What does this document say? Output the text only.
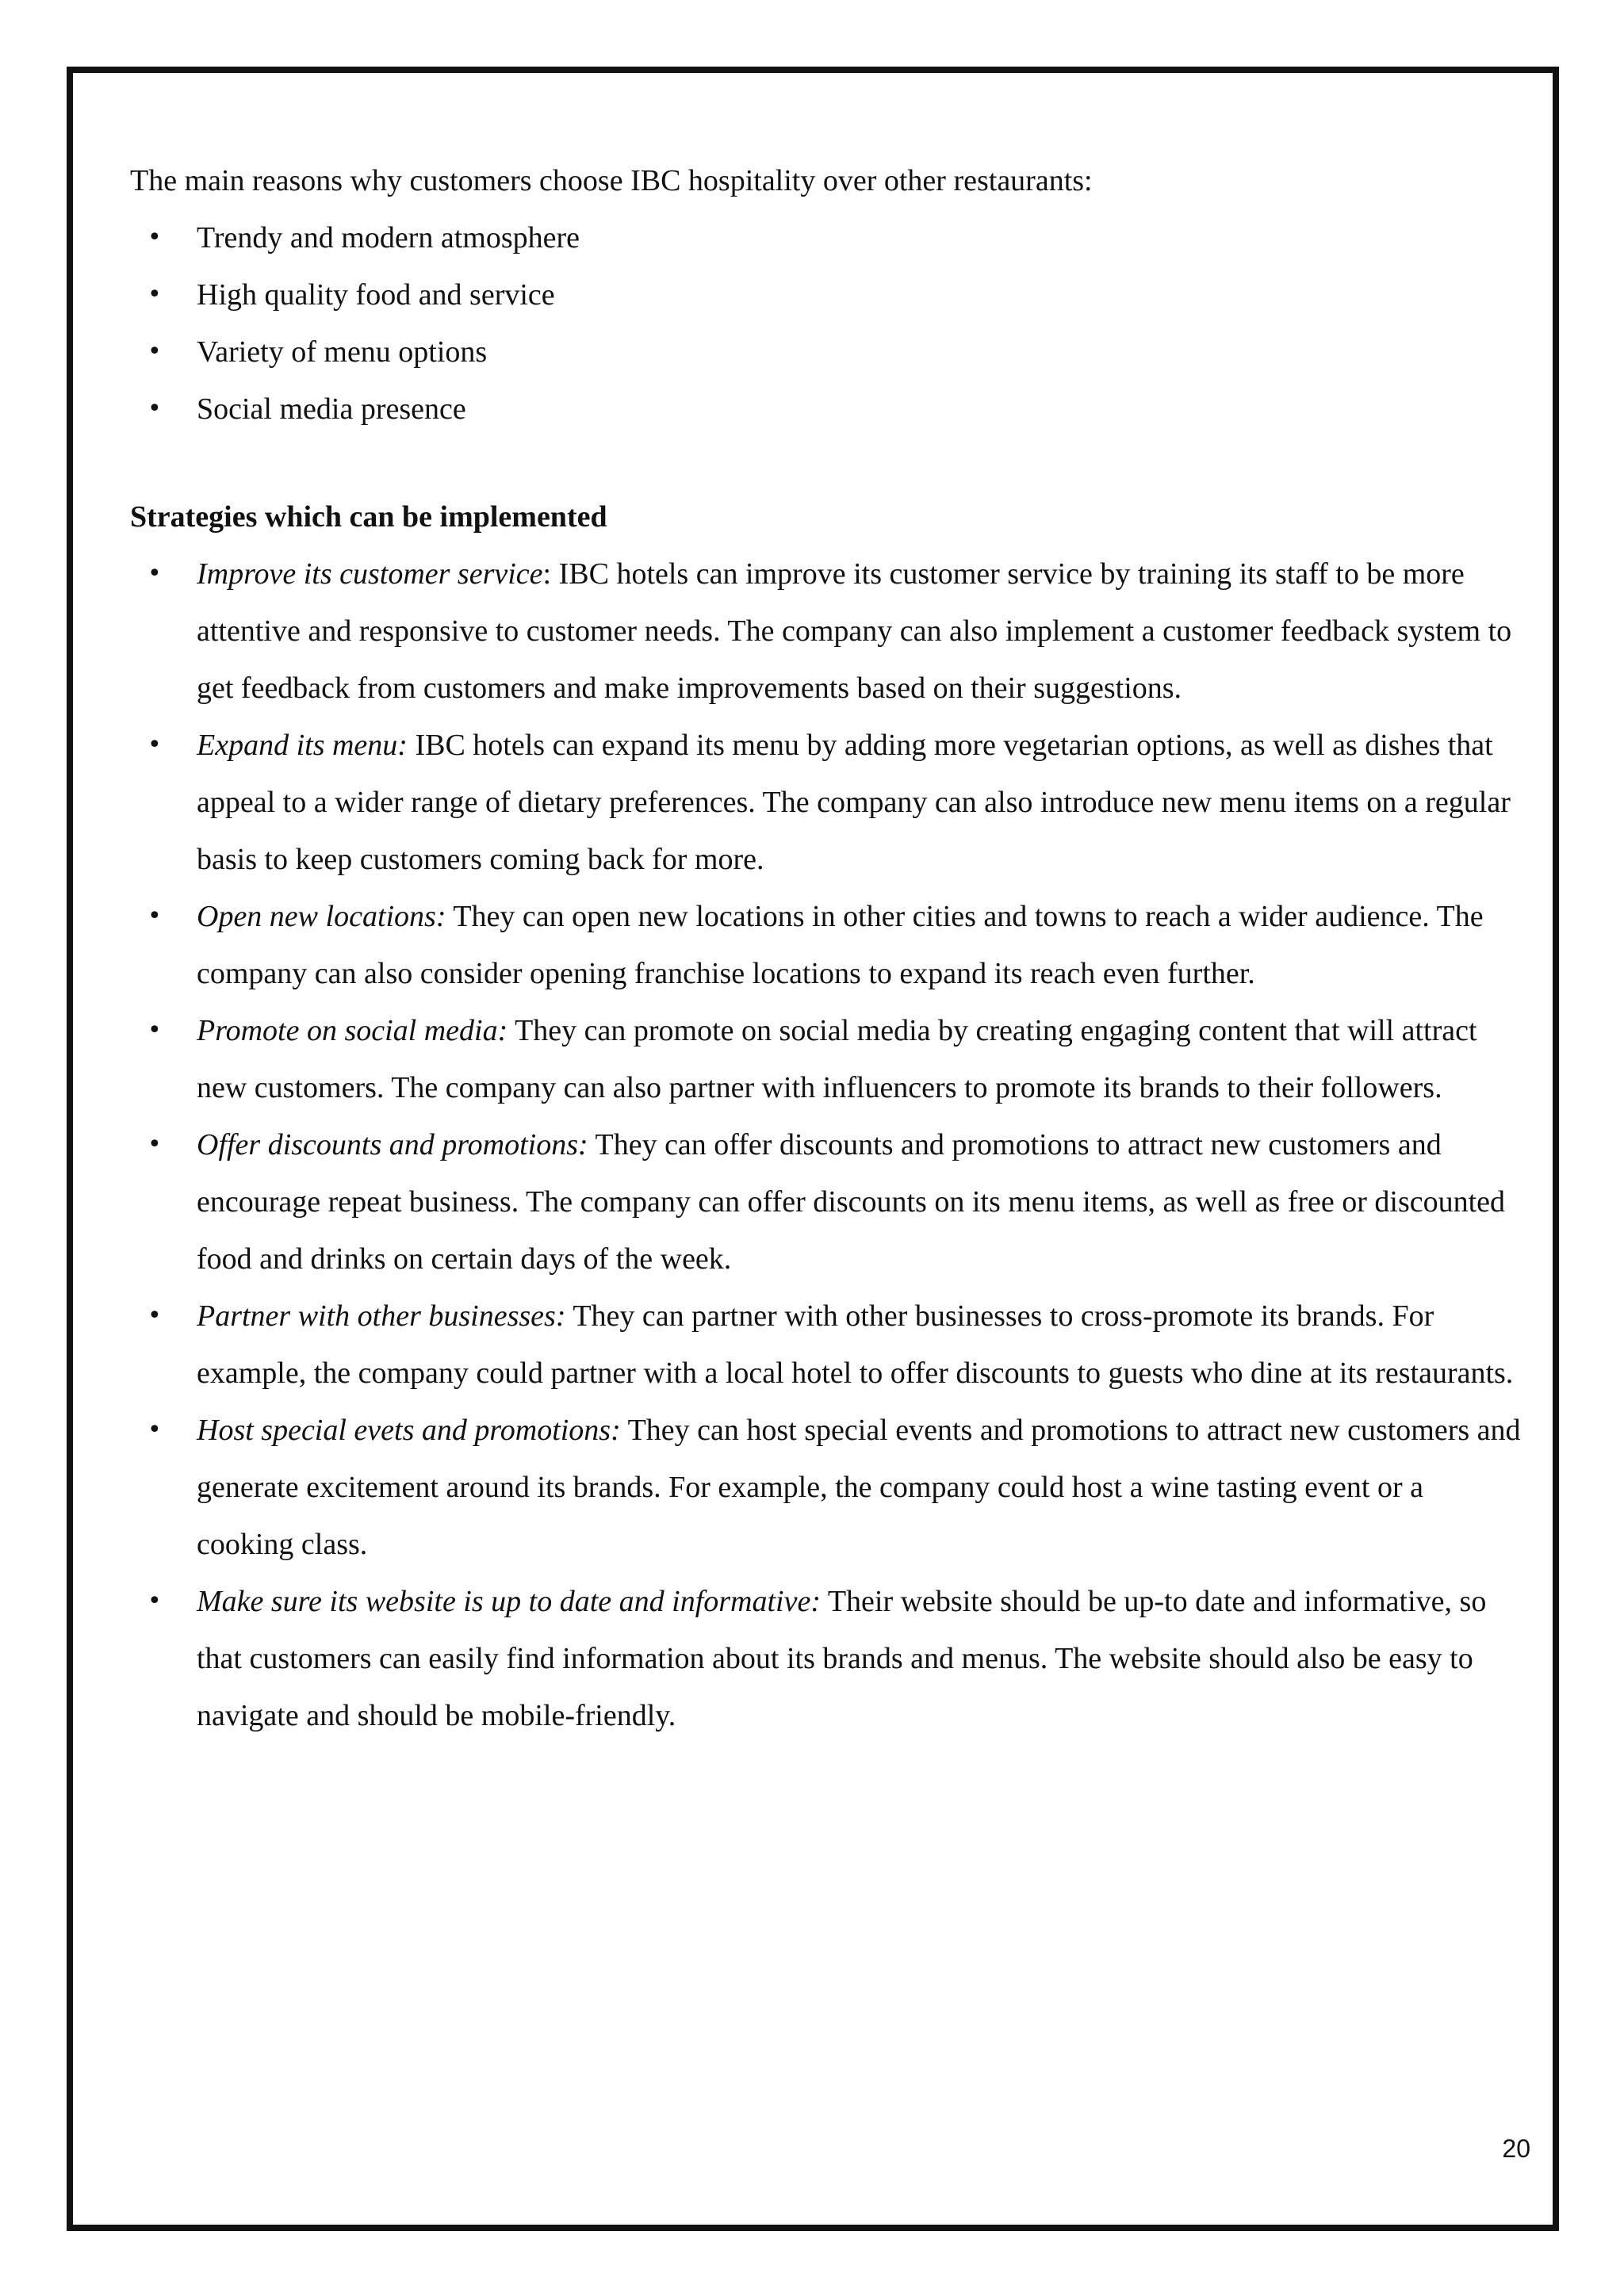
The main reasons why customers choose IBC hospitality over other restaurants:

•	Trendy and modern atmosphere
•	High quality food and service
•	Variety of menu options
•	Social media presence

Strategies which can be implemented

•	Improve its customer service: IBC hotels can improve its customer service by training its staff to be more attentive and responsive to customer needs. The company can also implement a customer feedback system to get feedback from customers and make improvements based on their suggestions.
•	Expand its menu: IBC hotels can expand its menu by adding more vegetarian options, as well as dishes that appeal to a wider range of dietary preferences. The company can also introduce new menu items on a regular basis to keep customers coming back for more.
•	Open new locations: They can open new locations in other cities and towns to reach a wider audience. The company can also consider opening franchise locations to expand its reach even further.
•	Promote on social media: They can promote on social media by creating engaging content that will attract new customers. The company can also partner with influencers to promote its brands to their followers.
•	Offer discounts and promotions: They can offer discounts and promotions to attract new customers and encourage repeat business. The company can offer discounts on its menu items, as well as free or discounted food and drinks on certain days of the week.
•	Partner with other businesses: They can partner with other businesses to cross-promote its brands. For example, the company could partner with a local hotel to offer discounts to guests who dine at its restaurants.
•	Host special evets and promotions: They can host special events and promotions to attract new customers and generate excitement around its brands. For example, the company could host a wine tasting event or a cooking class.
•	Make sure its website is up to date and informative: Their website should be up-to date and informative, so that customers can easily find information about its brands and menus. The website should also be easy to navigate and should be mobile-friendly.
20
